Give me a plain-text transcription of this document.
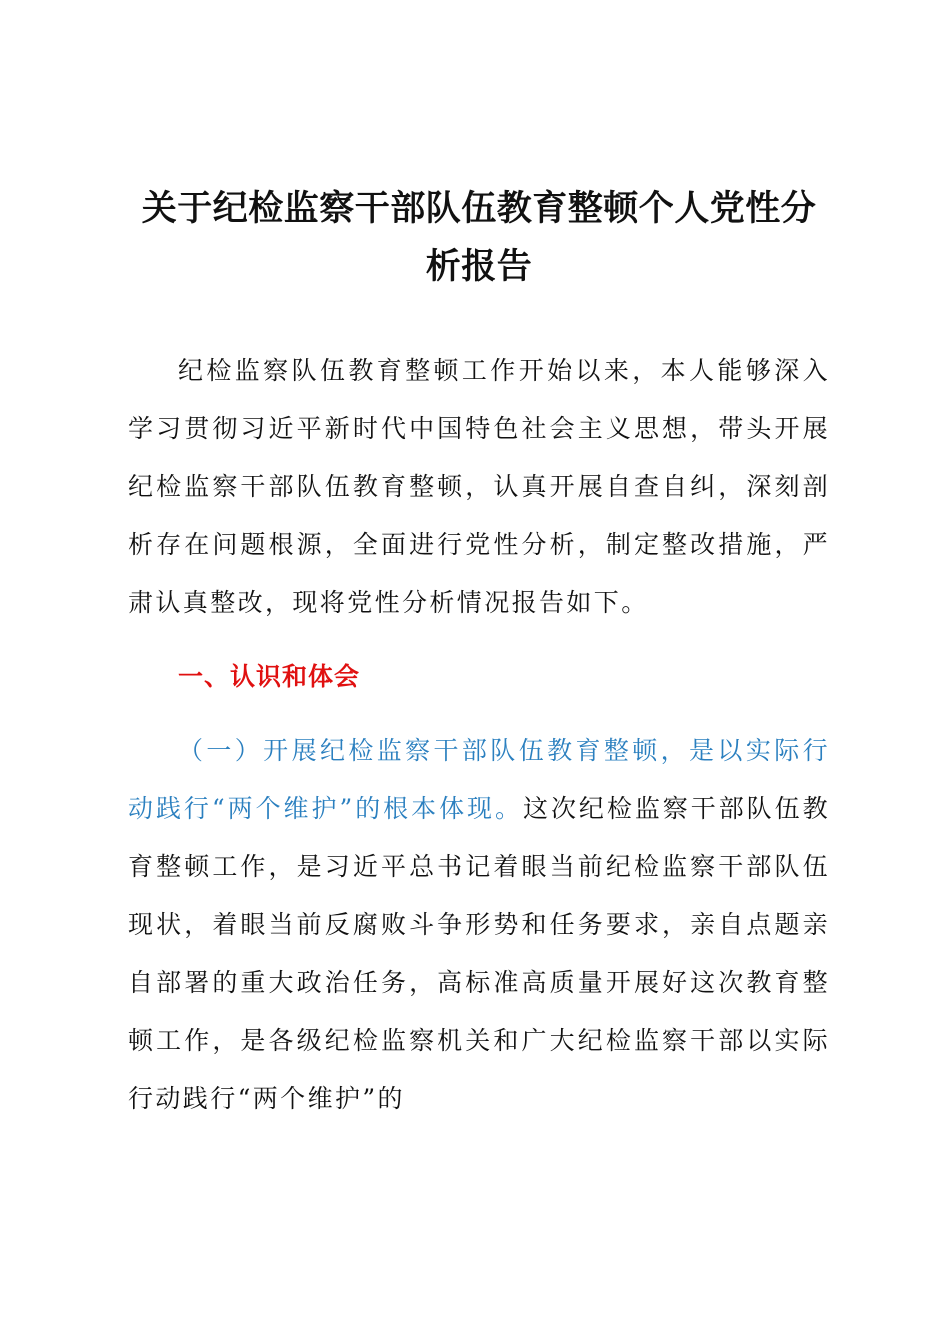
关于纪检监察干部队伍教育整顿个人党性分析报告

纪检监察队伍教育整顿工作开始以来，本人能够深入学习贯彻习近平新时代中国特色社会主义思想，带头开展纪检监察干部队伍教育整顿，认真开展自查自纠，深刻剖析存在问题根源，全面进行党性分析，制定整改措施，严肃认真整改，现将党性分析情况报告如下。

一、认识和体会

（一）开展纪检监察干部队伍教育整顿，是以实际行动践行“两个维护”的根本体现。这次纪检监察干部队伍教育整顿工作，是习近平总书记着眼当前纪检监察干部队伍现状，着眼当前反腐败斗争形势和任务要求，亲自点题亲自部署的重大政治任务，高标准高质量开展好这次教育整顿工作，是各级纪检监察机关和广大纪检监察干部以实际行动践行“两个维护”的
